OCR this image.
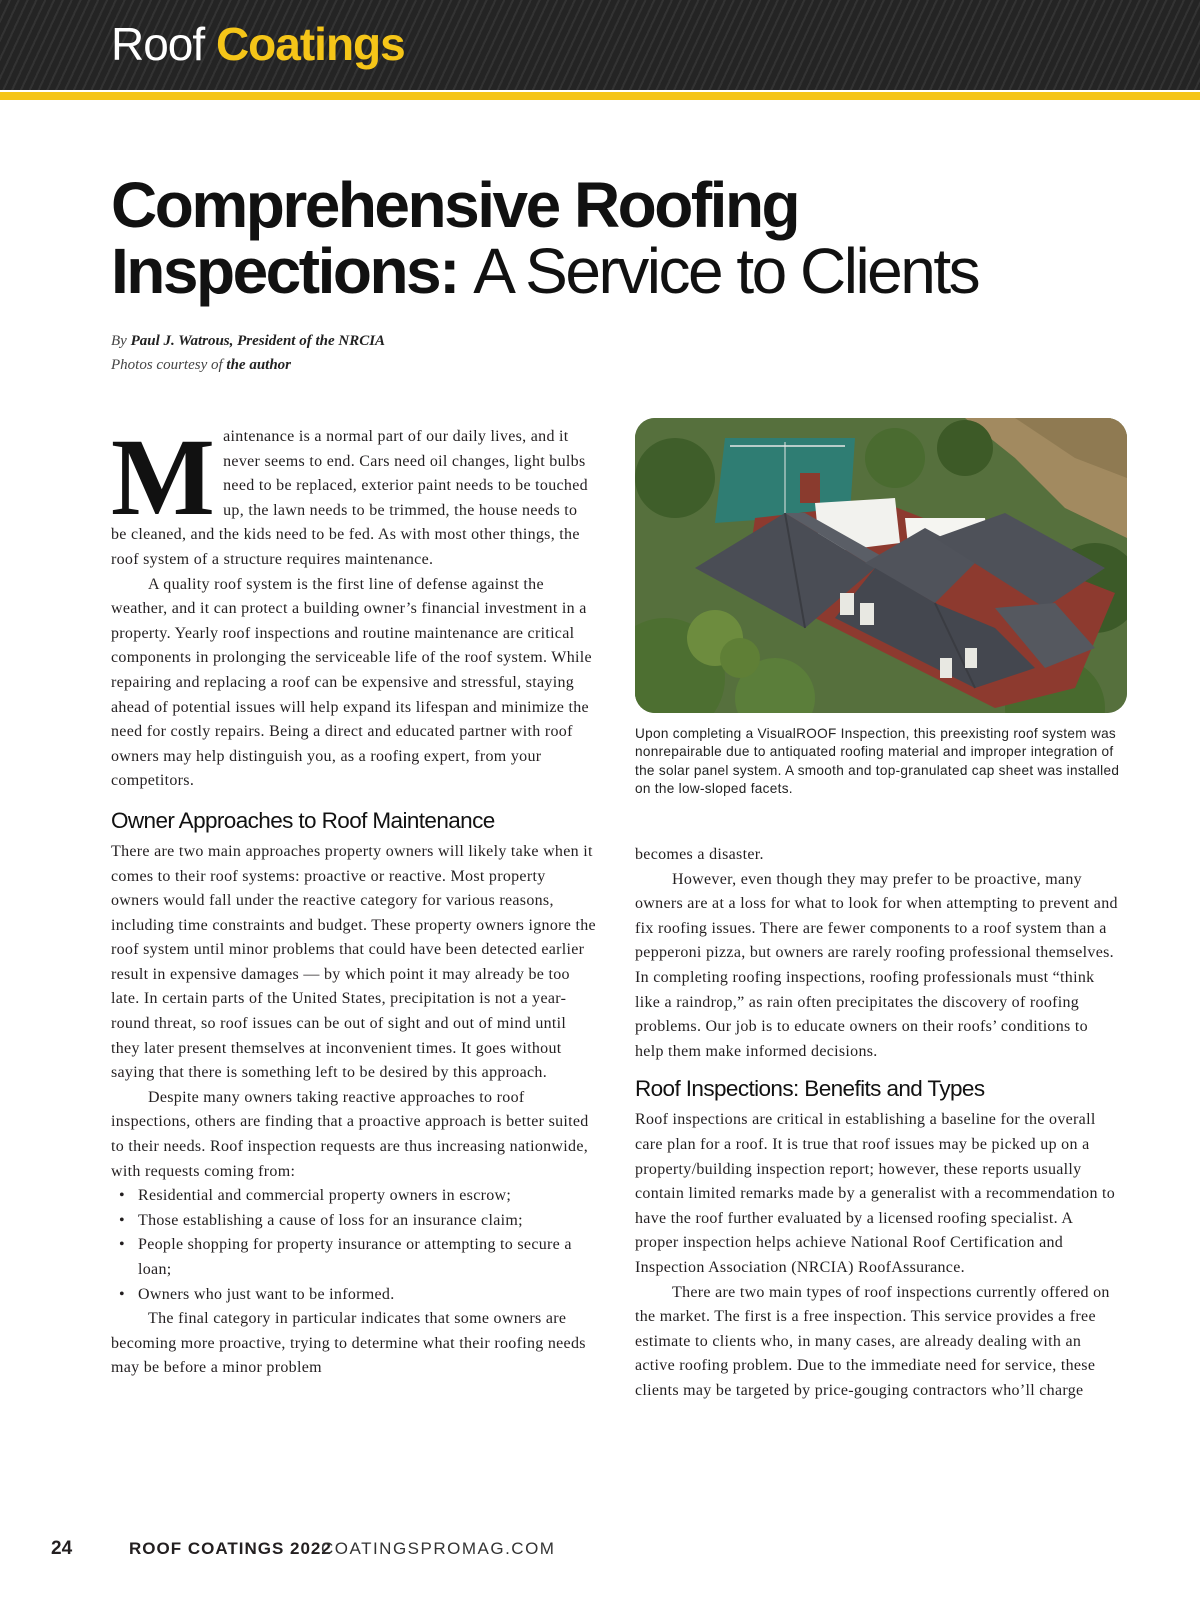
Roof Coatings
Comprehensive Roofing
Inspections: A Service to Clients
By Paul J. Watrous, President of the NRCIA
Photos courtesy of the author

Maintenance is a normal part of our daily lives, and it never seems to end. Cars need oil changes, light bulbs need to be replaced, exterior paint needs to be touched up, the lawn needs to be trimmed, the house needs to be cleaned, and the kids need to be fed. As with most other things, the roof system of a structure requires maintenance.

A quality roof system is the first line of defense against the weather, and it can protect a building owner’s financial investment in a property. Yearly roof inspections and routine maintenance are critical components in prolonging the serviceable life of the roof system. While repairing and replacing a roof can be expensive and stressful, staying ahead of potential issues will help expand its lifespan and minimize the need for costly repairs. Being a direct and educated partner with roof owners may help distinguish you, as a roofing expert, from your competitors.

Owner Approaches to Roof Maintenance

There are two main approaches property owners will likely take when it comes to their roof systems: proactive or reactive. Most property owners would fall under the reactive category for various reasons, including time constraints and budget. These property owners ignore the roof system until minor problems that could have been detected earlier result in expensive damages — by which point it may already be too late. In certain parts of the United States, precipitation is not a year-round threat, so roof issues can be out of sight and out of mind until they later present themselves at inconvenient times. It goes without saying that there is something left to be desired by this approach.

Despite many owners taking reactive approaches to roof inspections, others are finding that a proactive approach is better suited to their needs. Roof inspection requests are thus increasing nationwide, with requests coming from:

• Residential and commercial property owners in escrow;
• Those establishing a cause of loss for an insurance claim;
• People shopping for property insurance or attempting to secure a loan;
• Owners who just want to be informed.

The final category in particular indicates that some owners are becoming more proactive, trying to determine what their roofing needs may be before a minor problem

Upon completing a VisualROOF Inspection, this preexisting roof system was nonrepairable due to antiquated roofing material and improper integration of the solar panel system. A smooth and top-granulated cap sheet was installed on the low-sloped facets.

becomes a disaster.

However, even though they may prefer to be proactive, many owners are at a loss for what to look for when attempting to prevent and fix roofing issues. There are fewer components to a roof system than a pepperoni pizza, but owners are rarely roofing professional themselves. In completing roofing inspections, roofing professionals must “think like a raindrop,” as rain often precipitates the discovery of roofing problems. Our job is to educate owners on their roofs’ conditions to help them make informed decisions.

Roof Inspections: Benefits and Types

Roof inspections are critical in establishing a baseline for the overall care plan for a roof. It is true that roof issues may be picked up on a property/building inspection report; however, these reports usually contain limited remarks made by a generalist with a recommendation to have the roof further evaluated by a licensed roofing specialist. A proper inspection helps achieve National Roof Certification and Inspection Association (NRCIA) RoofAssurance.

There are two main types of roof inspections currently offered on the market. The first is a free inspection. This service provides a free estimate to clients who, in many cases, are already dealing with an active roofing problem. Due to the immediate need for service, these clients may be targeted by price-gouging contractors who’ll charge

24	ROOF COATINGS 2022
COATINGSPROMAG.COM
